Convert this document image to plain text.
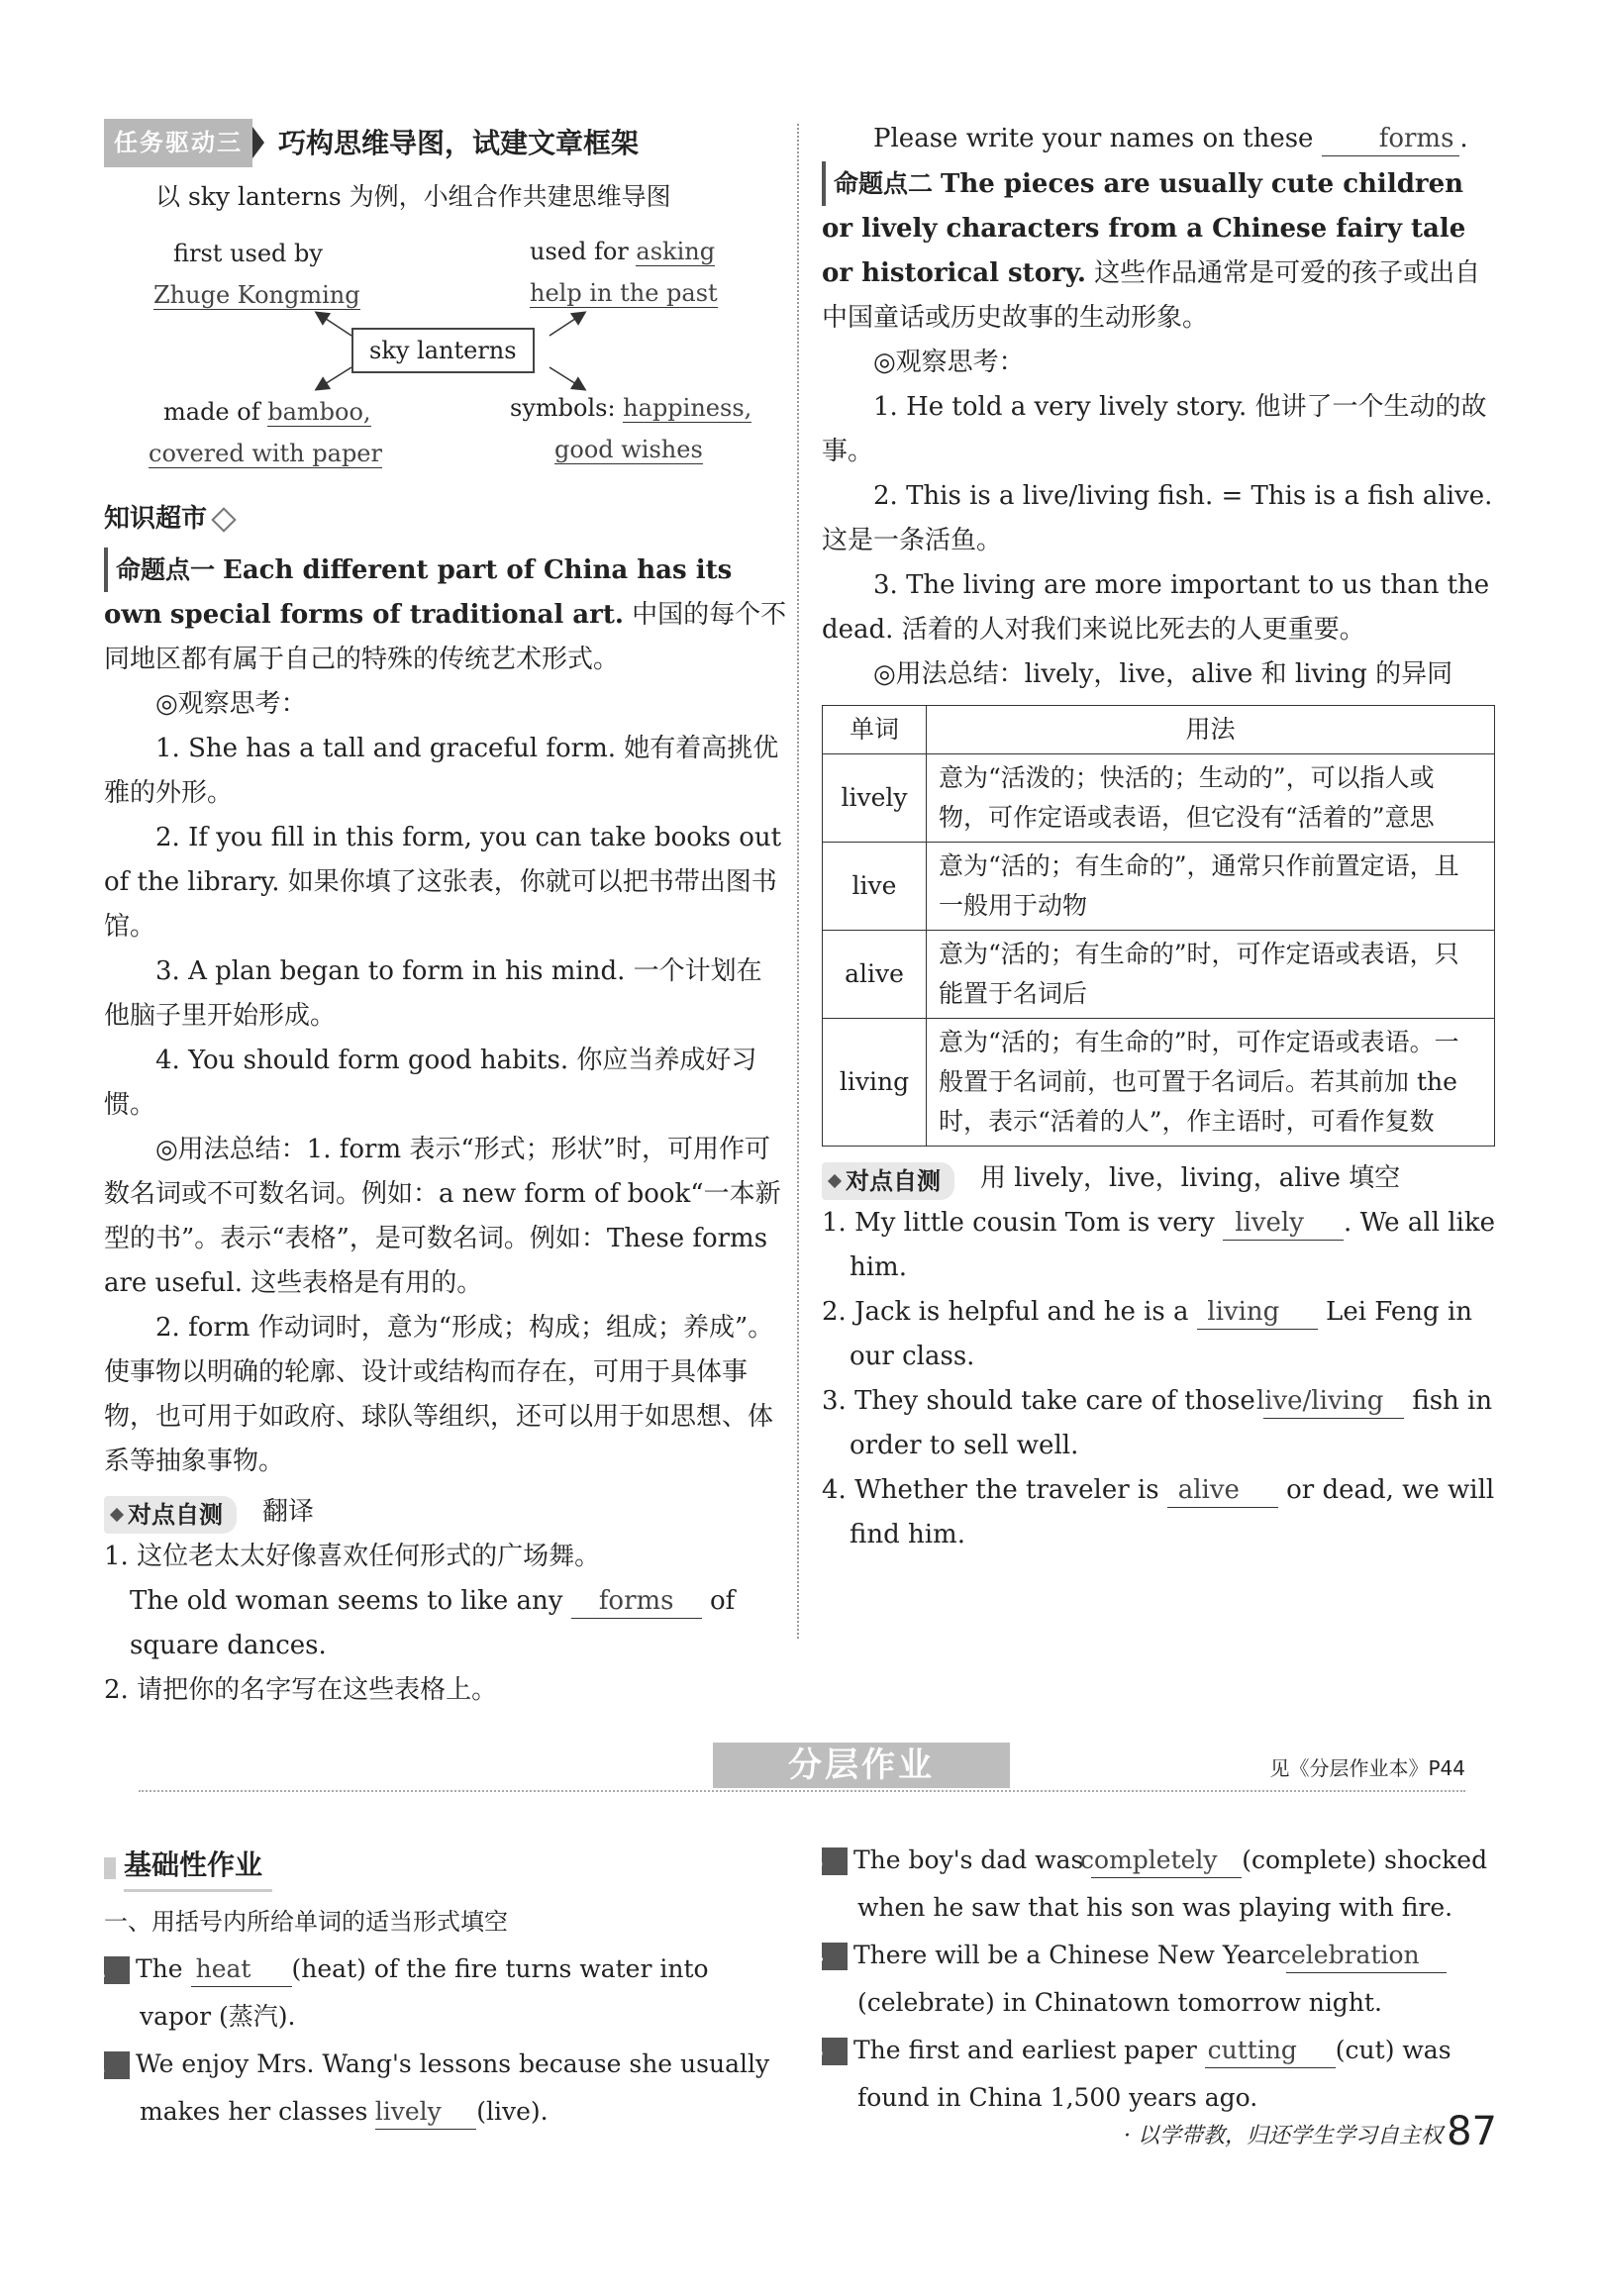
任务驱动三	巧构思维导图，试建文章框架

以 sky lanterns 为例，小组合作共建思维导图

first used by
Zhuge Kongming
used for asking
help in the past
sky lanterns
made of bamboo,
covered with paper
symbols: happiness,
good wishes
知识超市

命题点一 Each different part of China has its own special forms of traditional art. 中国的每个不同地区都有属于自己的特殊的传统艺术形式。

◎观察思考：

1. She has a tall and graceful form. 她有着高挑优雅的外形。

2. If you fill in this form, you can take books out of the library. 如果你填了这张表，你就可以把书带出图书馆。

3. A plan began to form in his mind. 一个计划在他脑子里开始形成。

4. You should form good habits. 你应当养成好习惯。

◎用法总结：1. form 表示“形式；形状”时，可用作可数名词或不可数名词。例如：a new form of book“一本新型的书”。表示“表格”，是可数名词。例如：These forms are useful. 这些表格是有用的。

2. form 作动词时，意为“形成；构成；组成；养成”。使事物以明确的轮廓、设计或结构而存在，可用于具体事物，也可用于如政府、球队等组织，还可以用于如思想、体系等抽象事物。

对点自测 翻译

1. 这位老太太好像喜欢任何形式的广场舞。

The old woman seems to like any forms of square dances.

2. 请把你的名字写在这些表格上。

Please write your names on these	forms .

命题点二 The pieces are usually cute children or lively characters from a Chinese fairy tale or historical story. 这些作品通常是可爱的孩子或出自中国童话或历史故事的生动形象。

◎观察思考：

1. He told a very lively story. 他讲了一个生动的故事。

2. This is a live/living fish. = This is a fish alive. 这是一条活鱼。

3. The living are more important to us than the dead. 活着的人对我们来说比死去的人更重要。

◎用法总结：lively，live，alive 和 living 的异同

单词	用法
lively	意为“活泼的；快活的；生动的”，可以指人或物，可作定语或表语，但它没有“活着的”意思
live	意为“活的；有生命的”，通常只作前置定语，且一般用于动物
alive	意为“活的；有生命的”时，可作定语或表语，只能置于名词后
living	意为“活的；有生命的”时，可作定语或表语。一般置于名词前，也可置于名词后。若其前加 the 时，表示“活着的人”，作主语时，可看作复数

对点自测 用 lively，live，living，alive 填空

1. My little cousin Tom is very lively . We all like him.

2. Jack is helpful and he is a living Lei Feng in our class.

3. They should take care of those live/living fish in order to sell well.

4. Whether the traveler is alive or dead, we will find him.

分层作业	见《分层作业本》P44
基础性作业

一、用括号内所给单词的适当形式填空

1 The heat (heat) of the fire turns water into vapor (蒸汽).

2 We enjoy Mrs. Wang's lessons because she usually makes her classes lively (live).

3 The boy's dad was completely (complete) shocked when he saw that his son was playing with fire.

4 There will be a Chinese New Year celebration(celebrate) in Chinatown tomorrow night.

5 The first and earliest paper cutting (cut) was found in China 1,500 years ago.

· 以学带教，归还学生学习自主权 ·
87
